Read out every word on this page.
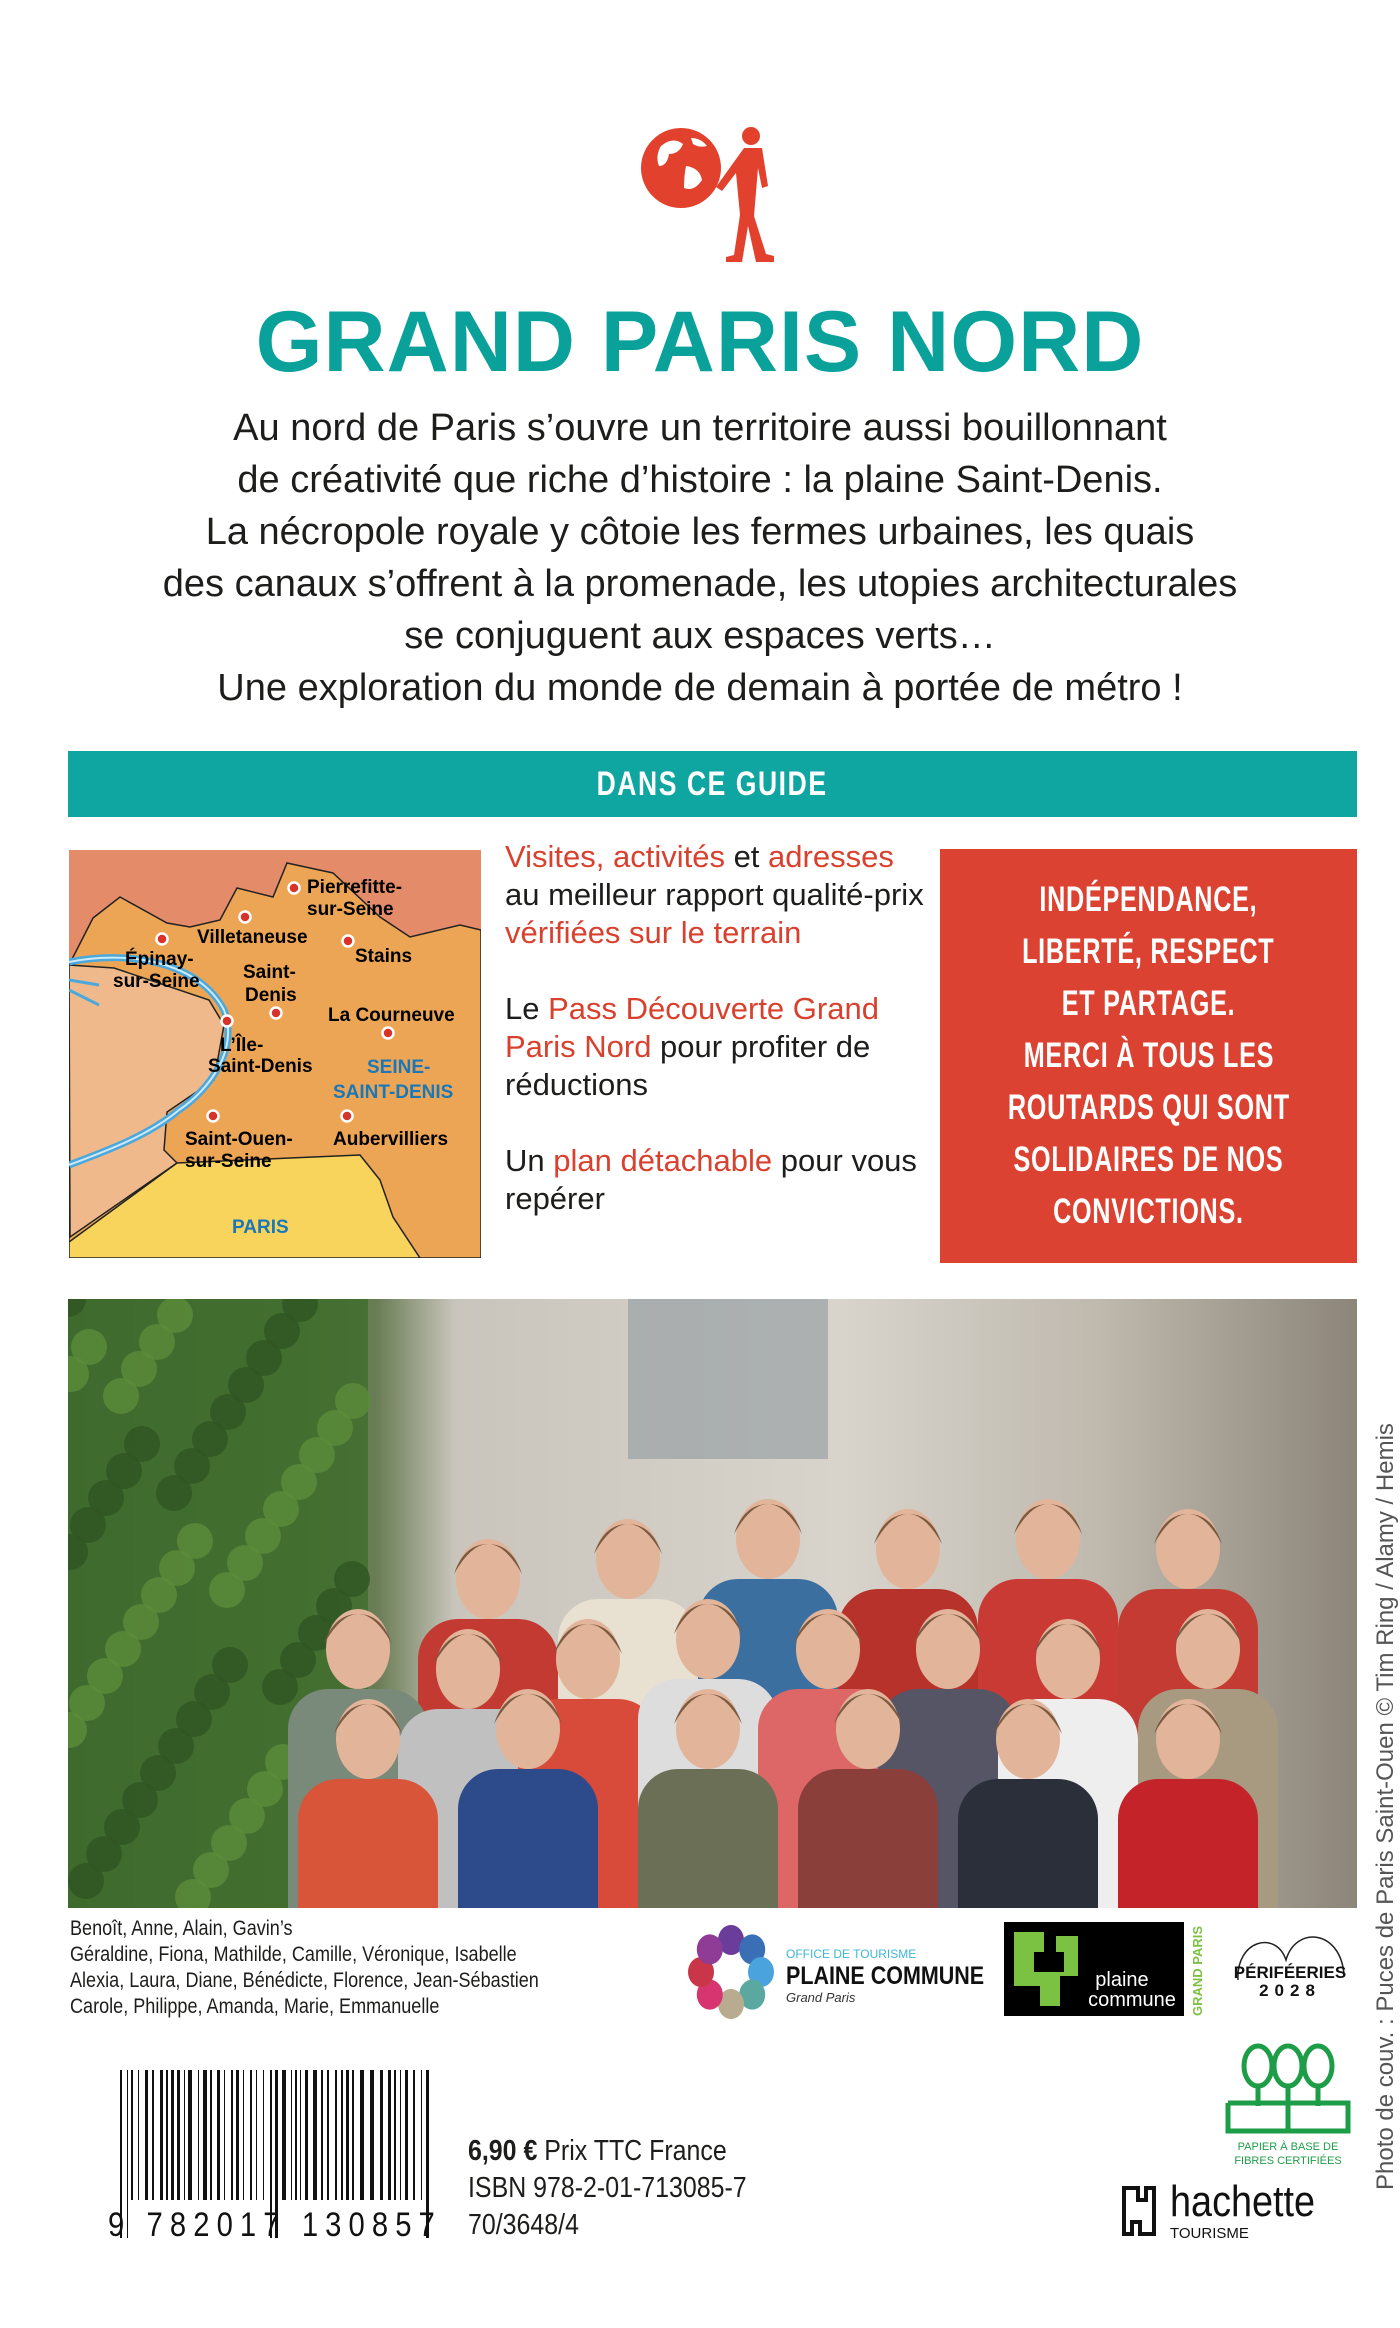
GRAND PARIS NORD
Au nord de Paris s’ouvre un territoire aussi bouillonnant
de créativité que riche d’histoire : la plaine Saint-Denis.
La nécropole royale y côtoie les fermes urbaines, les quais
des canaux s’offrent à la promenade, les utopies architecturales
se conjuguent aux espaces verts…
Une exploration du monde de demain à portée de métro !
DANS CE GUIDE
Pierrefitte-
sur-Seine
Villetaneuse
Épinay-
sur-Seine
Stains
Saint-
Denis
La Courneuve
L’Île-
Saint-Denis
Saint-Ouen-
sur-Seine
Aubervilliers
SEINE-
SAINT-DENIS
PARIS

Visites, activités et adresses au meilleur rapport qualité-prix vérifiées sur le terrain

Le Pass Découverte Grand Paris Nord pour profiter de réductions

Un plan détachable pour vous repérer

INDÉPENDANCE,
LIBERTÉ, RESPECT
ET PARTAGE.
MERCI À TOUS LES
ROUTARDS QUI SONT
SOLIDAIRES DE NOS
CONVICTIONS.
Benoît, Anne, Alain, Gavin’s
Géraldine, Fiona, Mathilde, Camille, Véronique, Isabelle
Alexia, Laura, Diane, Bénédicte, Florence, Jean-Sébastien
Carole, Philippe, Amanda, Marie, Emmanuelle
OFFICE DE TOURISME
PLAINE COMMUNE
Grand Paris
plaine
commune GRAND PARIS PÉRIFÉERIES
2028
PAPIER À BASE DE
FIBRES CERTIFIÉES
hachette
TOURISME
9 782017 130857
6,90 € Prix TTC France
ISBN 978-2-01-713085-7
70/3648/4
Photo de couv. : Puces de Paris Saint-Ouen © Tim Ring / Alamy / Hemis
